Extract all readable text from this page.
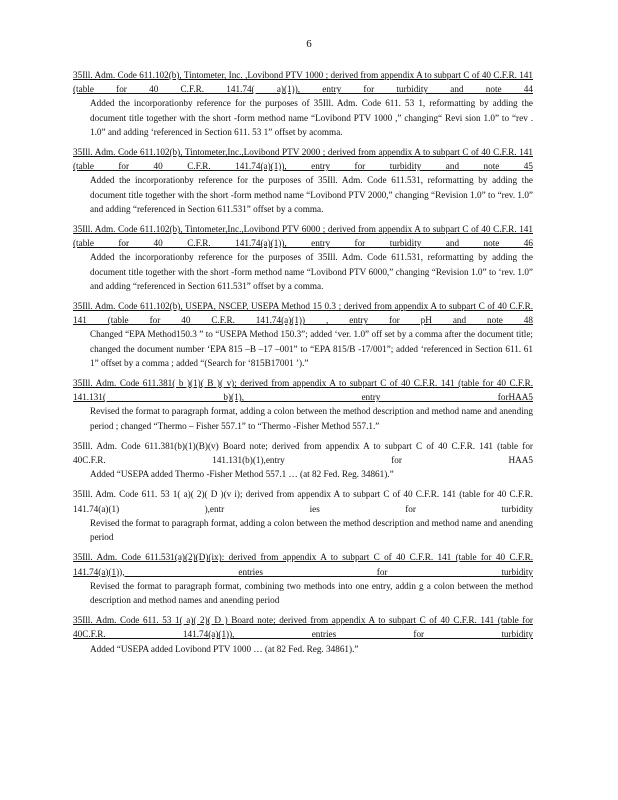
6
35Ill. Adm. Code 611.102(b), Tintometer, Inc. ,Lovibond PTV 1000 ; derived from appendix A to subpart C of 40 C.F.R. 141 (table for 40 C.F.R. 141.74( a)(1)), entry for turbidity and note 44

Added the incorporationby reference for the purposes of 35Ill. Adm. Code 611. 53 1, reformatting by adding the document title together with the short -form method name “Lovibond PTV 1000 ,” changing“ Revi sion 1.0” to “rev . 1.0” and adding ‘referenced in Section 611. 53 1” offset by acomma.

35Ill. Adm. Code 611.102(b), Tintometer,Inc.,Lovibond PTV 2000 ; derived from appendix A to subpart C of 40 C.F.R. 141 (table for 40 C.F.R. 141.74(a)(1)), entry for turbidity and note 45

Added the incorporationby reference for the purposes of 35Ill. Adm. Code 611.531, reformatting by adding the document title together with the short -form method name “Lovibond PTV 2000,” changing “Revision 1.0” to “rev. 1.0” and adding “referenced in Section 611.531” offset by a comma.

35Ill. Adm. Code 611.102(b), Tintometer,Inc.,Lovibond PTV 6000 ; derived from appendix A to subpart C of 40 C.F.R. 141 (table for 40 C.F.R. 141.74(a)(1)), entry for turbidity and note 46

Added the incorporationby reference for the purposes of 35Ill. Adm. Code 611.531, reformatting by adding the document title together with the short -form method name “Lovibond PTV 6000,” changing “Revision 1.0” to ‘rev. 1.0” and adding “referenced in Section 611.531” offset by a comma.

35Ill. Adm. Code 611.102(b), USEPA, NSCEP, USEPA Method 15 0.3 ; derived from appendix A to subpart C of 40 C.F.R. 141 (table for 40 C.F.R. 141.74(a)(1)) , entry for pH and note 48

Changed “EPA Method150.3 ” to “USEPA Method 150.3”; added ‘ver. 1.0” off set by a comma after the document title; changed the document number ‘EPA 815 –B –17 –001” to “EPA 815/B -17/001”; added ‘referenced in Section 611. 61 1” offset by a comma ; added “(Search for ‘815B17001 ’).”

35Ill. Adm. Code 611.381( b )(1)( B )( v); derived from appendix A to subpart C of 40 C.F.R. 141 (table for 40 C.F.R. 141.131( b)(1), entry forHAA5

Revised the format to paragraph format, adding a colon between the method description and method name and anending period ; changed “Thermo – Fisher 557.1” to “Thermo -Fisher Method 557.1.”

35Ill. Adm. Code 611.381(b)(1)(B)(v) Board note; derived from appendix A to subpart C of 40 C.F.R. 141 (table for 40C.F.R. 141.131(b)(1),entry for HAA5

Added “USEPA added Thermo -Fisher Method 557.1 … (at 82 Fed. Reg. 34861).”

35Ill. Adm. Code 611. 53 1( a)( 2)( D )(v i); derived from appendix A to subpart C of 40 C.F.R. 141 (table for 40 C.F.R. 141.74(a)(1) ),entr ies for turbidity

Revised the format to paragraph format, adding a colon between the method description and method name and anending period

35Ill. Adm. Code 611.531(a)(2)(D)(ix): derived from appendix A to subpart C of 40 C.F.R. 141 (table for 40 C.F.R. 141.74(a)(1)), entries for turbidity

Revised the format to paragraph format, combining two methods into one entry, addin g a colon between the method description and method names and anending period

35Ill. Adm. Code 611. 53 1( a)( 2)( D ) Board note; derived from appendix A to subpart C of 40 C.F.R. 141 (table for 40C.F.R. 141.74(a)(1)), entries for turbidity

Added “USEPA added Lovibond PTV 1000 … (at 82 Fed. Reg. 34861).”
